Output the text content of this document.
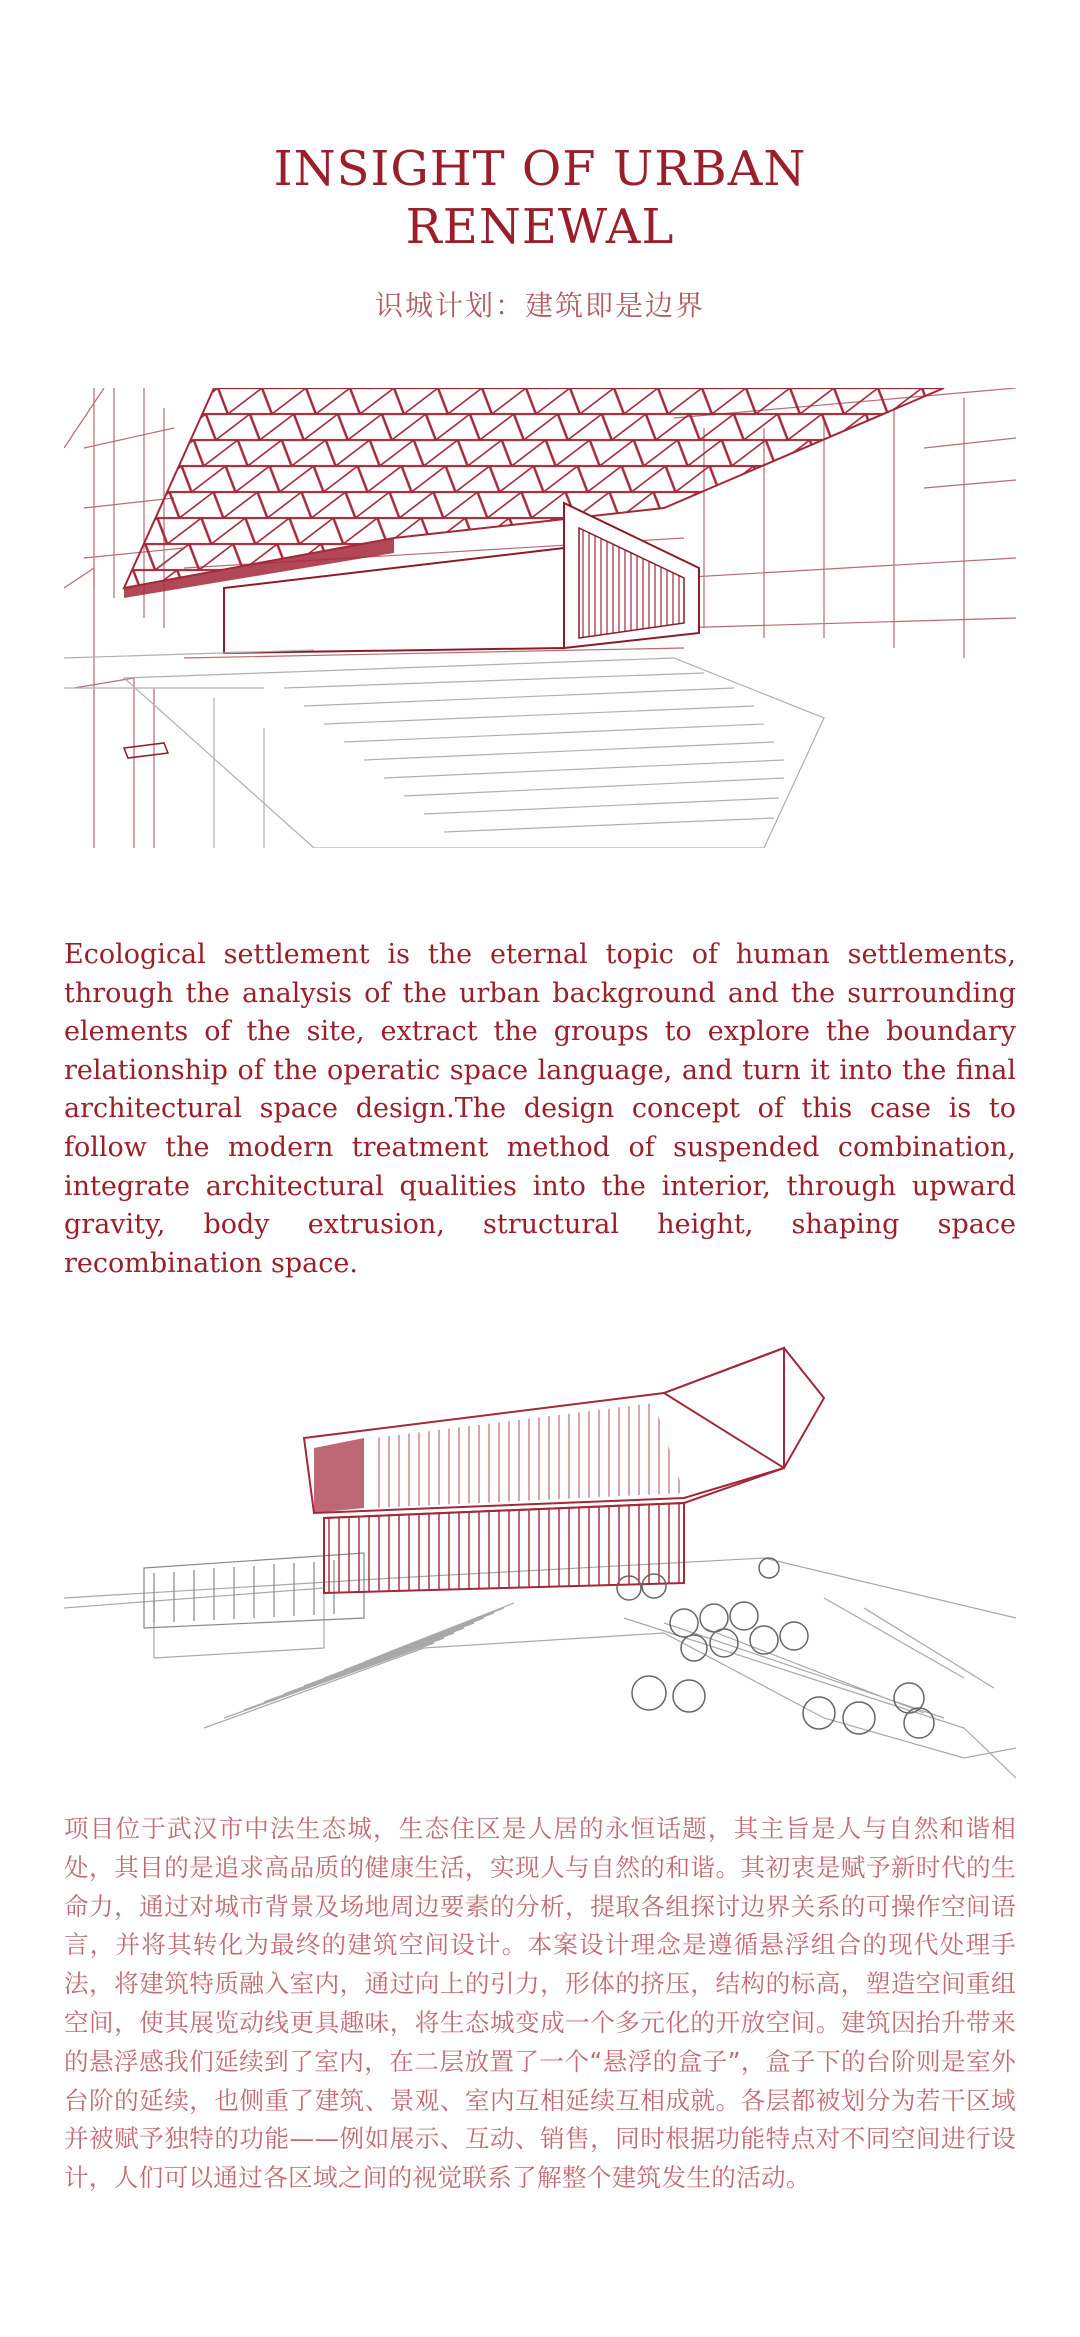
INSIGHT OF URBAN
RENEWAL
识城计划：建筑即是边界
Ecological settlement is the eternal topic of human settlements, through the analysis of the urban background and the surrounding elements of the site, extract the groups to explore the boundary relationship of the operatic space language, and turn it into the final architectural space design.The design concept of this case is to follow the modern treatment method of suspended combination, integrate architectural qualities into the interior, through upward gravity, body extrusion, structural height, shaping space recombination space.
项目位于武汉市中法生态城，生态住区是人居的永恒话题，其主旨是人与自然和谐相处，其目的是追求高品质的健康生活，实现人与自然的和谐。其初衷是赋予新时代的生命力，通过对城市背景及场地周边要素的分析，提取各组探讨边界关系的可操作空间语言，并将其转化为最终的建筑空间设计。本案设计理念是遵循悬浮组合的现代处理手法，将建筑特质融入室内，通过向上的引力，形体的挤压，结构的标高，塑造空间重组空间，使其展览动线更具趣味，将生态城变成一个多元化的开放空间。建筑因抬升带来的悬浮感我们延续到了室内，在二层放置了一个“悬浮的盒子”，盒子下的台阶则是室外台阶的延续，也侧重了建筑、景观、室内互相延续互相成就。各层都被划分为若干区域并被赋予独特的功能——例如展示、互动、销售，同时根据功能特点对不同空间进行设计，人们可以通过各区域之间的视觉联系了解整个建筑发生的活动。
